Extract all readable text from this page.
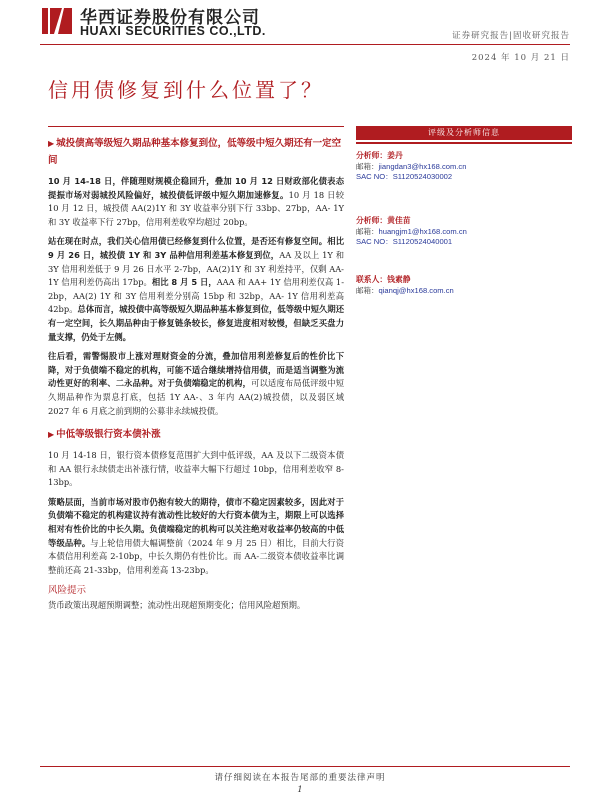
华西证券股份有限公司
HUAXI SECURITIES CO.,LTD.	证券研究报告|固收研究报告
2024 年 10 月 21 日
信用债修复到什么位置了？
▶ 城投债高等级短久期品种基本修复到位，低等级中短久期还有一定空间

10 月 14-18 日，伴随理财规模企稳回升，叠加 10 月 12 日财政部化债表态提振市场对弱城投风险偏好，城投债低评级中短久期加速修复。10 月 18 日较 10 月 12 日，城投债 AA(2)1Y 和 3Y 收益率分别下行 33bp、27bp，AA- 1Y 和 3Y 收益率下行 27bp，信用利差收窄均超过 20bp。

站在现在时点，我们关心信用债已经修复到什么位置，是否还有修复空间。相比 9 月 26 日，城投债 1Y 和 3Y 品种信用利差基本修复到位，AA 及以上 1Y 和 3Y 信用利差低于 9 月 26 日水平 2-7bp，AA(2)1Y 和 3Y 利差持平，仅剩 AA- 1Y 信用利差仍高出 17bp。相比 8 月 5 日，AAA 和 AA+ 1Y 信用利差仅高 1-2bp，AA(2) 1Y 和 3Y 信用利差分别高 15bp 和 32bp，AA- 1Y 信用利差高 42bp。总体而言，城投债中高等级短久期品种基本修复到位，低等级中短久期还有一定空间，长久期品种由于修复链条较长，修复进度相对较慢，但缺乏买盘力量支撑，仍处于左侧。

往后看，需警惕股市上涨对理财资金的分流，叠加信用利差修复后的性价比下降，对于负债端不稳定的机构，可能不适合继续增持信用债，而是适当调整为流动性更好的利率、二永品种。对于负债端稳定的机构，可以适度布局低评级中短久期品种作为票息打底，包括 1Y AA-、3 年内 AA(2)城投债，以及弱区域 2027 年 6 月底之前到期的公募非永续城投债。

▶ 中低等级银行资本债补涨

10 月 14-18 日，银行资本债修复范围扩大到中低评级，AA 及以下二级资本债和 AA 银行永续债走出补涨行情，收益率大幅下行超过 10bp，信用利差收窄 8-13bp。

策略层面，当前市场对股市仍抱有较大的期待，债市不稳定因素较多，因此对于负债端不稳定的机构建议持有流动性比较好的大行资本债为主，期限上可以选择相对有性价比的中长久期。负债端稳定的机构可以关注绝对收益率仍较高的中低等级品种。与上轮信用债大幅调整前（2024 年 9 月 25 日）相比，目前大行资本债信用利差高 2-10bp，中长久期仍有性价比。而 AA-二级资本债收益率比调整前还高 21-33bp，信用利差高 13-23bp。

风险提示

货币政策出现超预期调整；流动性出现超预期变化；信用风险超预期。

评级及分析师信息
分析师：姜丹
邮箱：jiangdan3@hx168.com.cn
SAC NO：S1120524030002
分析师：黄佳苗
邮箱：huangjm1@hx168.com.cn
SAC NO：S1120524040001
联系人：钱素静
邮箱：qianqj@hx168.com.cn
请仔细阅读在本报告尾部的重要法律声明
1
